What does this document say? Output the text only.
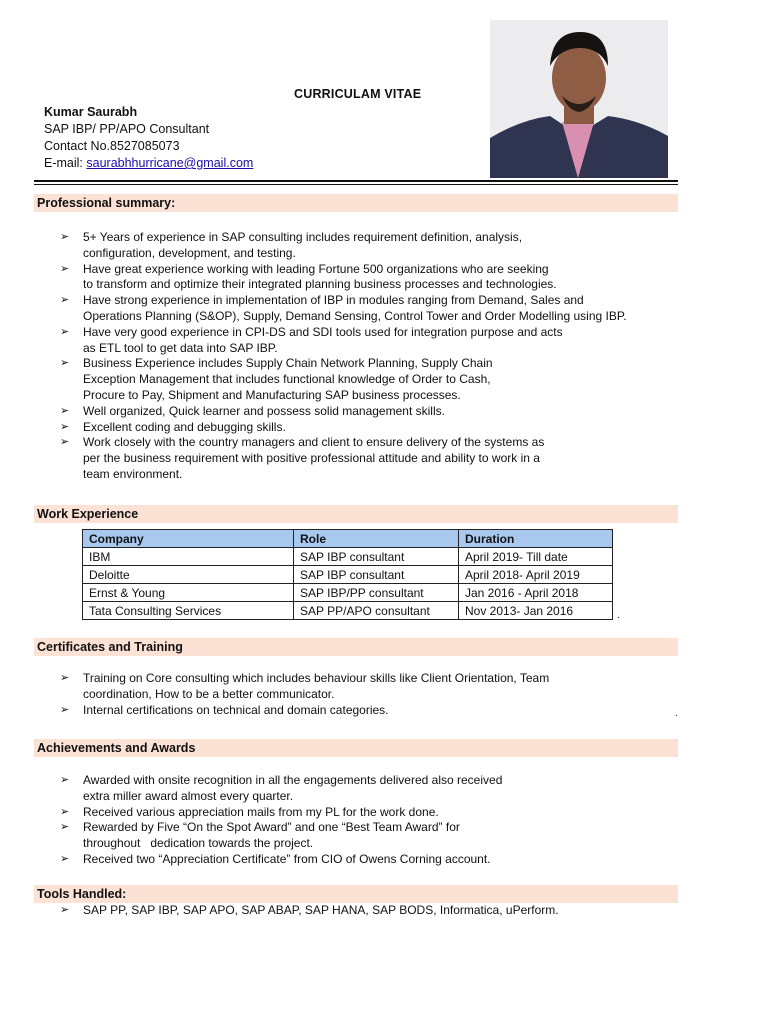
CURRICULAM VITAE
Kumar Saurabh
SAP IBP/ PP/APO Consultant
Contact No.8527085073
E-mail: saurabhhurricane@gmail.com
Professional summary:
➢ 5+ Years of experience in SAP consulting includes requirement definition, analysis,
configuration, development, and testing.
➢ Have great experience working with leading Fortune 500 organizations who are seeking
to transform and optimize their integrated planning business processes and technologies.
➢ Have strong experience in implementation of IBP in modules ranging from Demand, Sales and
Operations Planning (S&OP), Supply, Demand Sensing, Control Tower and Order Modelling using IBP.
➢ Have very good experience in CPI-DS and SDI tools used for integration purpose and acts
as ETL tool to get data into SAP IBP.
➢ Business Experience includes Supply Chain Network Planning, Supply Chain
Exception Management that includes functional knowledge of Order to Cash,
Procure to Pay, Shipment and Manufacturing SAP business processes.
➢ Well organized, Quick learner and possess solid management skills.
➢ Excellent coding and debugging skills.
➢ Work closely with the country managers and client to ensure delivery of the systems as
per the business requirement with positive professional attitude and ability to work in a
team environment.
Work Experience
Company	Role	Duration
IBM	SAP IBP consultant	April 2019- Till date
Deloitte	SAP IBP consultant	April 2018- April 2019
Ernst & Young	SAP IBP/PP consultant	Jan 2016 - April 2018
Tata Consulting Services	SAP PP/APO consultant	Nov 2013- Jan 2016	.
Certificates and Training
➢ Training on Core consulting which includes behaviour skills like Client Orientation, Team
coordination, How to be a better communicator.
➢ Internal certifications on technical and domain categories.	.
Achievements and Awards
➢ Awarded with onsite recognition in all the engagements delivered also received
extra miller award almost every quarter.
➢ Received various appreciation mails from my PL for the work done.
➢ Rewarded by Five “On the Spot Award” and one “Best Team Award” for
throughout   dedication towards the project.
➢ Received two “Appreciation Certificate” from CIO of Owens Corning account.
Tools Handled:
➢ SAP PP, SAP IBP, SAP APO, SAP ABAP, SAP HANA, SAP BODS, Informatica, uPerform.
